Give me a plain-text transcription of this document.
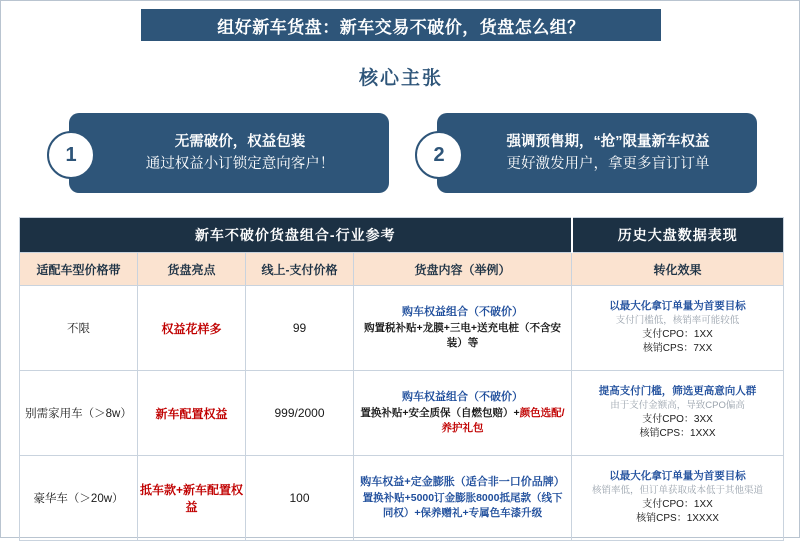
组好新车货盘：新车交易不破价，货盘怎么组？
核心主张
1
无需破价，权益包装
通过权益小订锁定意向客户！	2
强调预售期，“抢”限量新车权益
更好激发用户，拿更多盲订订单
新车不破价货盘组合-行业参考				历史大盘数据表现
适配车型价格带	货盘亮点	线上-支付价格	货盘内容（举例）	转化效果
不限	权益花样多	99	购车权益组合（不破价）
购置税补贴+龙膜+三电+送充电桩（不含安装）等	以最大化拿订单量为首要目标
支付门槛低，核销率可能较低
支付CPO：1XX
核销CPS：7XX

别需家用车（＞8w）	新车配置权益	999/2000	购车权益组合（不破价）
置换补贴+安全质保（自燃包赔）+颜色选配/养护礼包	提高支付门槛，筛选更高意向人群
由于支付金额高，导致CPO偏高
支付CPO：3XX
核销CPS：1XXX

豪华车（＞20w）	抵车款+新车配置权益	100	购车权益+定金膨胀（适合非一口价品牌）
置换补贴+5000订金膨胀8000抵尾款（线下同权）+保养赠礼+专属色车漆升级	以最大化拿订单量为首要目标
核销率低，但订单获取成本低于其他渠道
支付CPO：1XX
核销CPS：1XXXX
